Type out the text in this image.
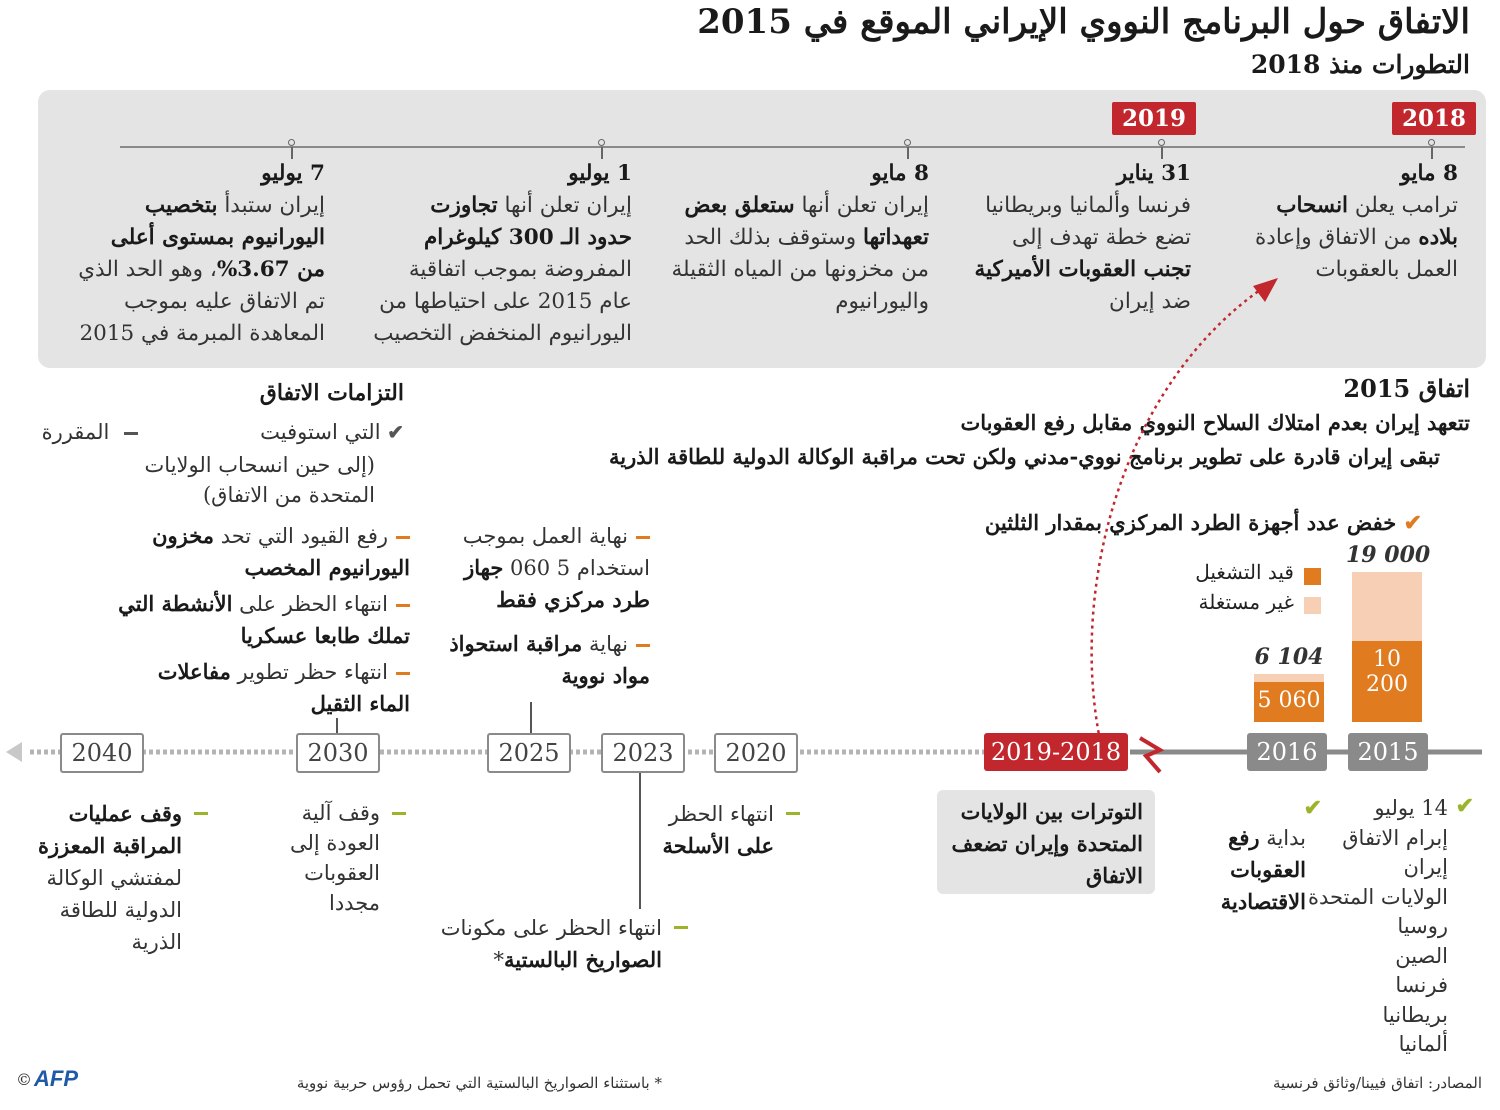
الاتفاق حول البرنامج النووي الإيراني الموقع في 2015
التطورات منذ 2018
2018
2019
8 مايو
ترامب يعلن انسحاب
بلاده من الاتفاق وإعادة
العمل بالعقوبات
31 يناير
فرنسا وألمانيا وبريطانيا
تضع خطة تهدف إلى
تجنب العقوبات الأميركية
ضد إيران
8 مايو
إيران تعلن أنها ستعلق بعض
تعهداتها وستوقف بذلك الحد
من مخزونها من المياه الثقيلة
واليورانيوم
1 يوليو
إيران تعلن أنها تجاوزت
حدود الـ 300 كيلوغرام
المفروضة بموجب اتفاقية
عام 2015 على احتياطها من
اليورانيوم المنخفض التخصيب
7 يوليو
إيران ستبدأ بتخصيب
اليورانيوم بمستوى أعلى
من 3.67%، وهو الحد الذي
تم الاتفاق عليه بموجب
المعاهدة المبرمة في 2015
اتفاق 2015
تتعهد إيران بعدم امتلاك السلاح النووي مقابل رفع العقوبات
تبقى إيران قادرة على تطوير برنامج نووي-مدني ولكن تحت مراقبة الوكالة الدولية للطاقة الذرية
✔ خفض عدد أجهزة الطرد المركزي بمقدار الثلثين
التزامات الاتفاق
✔ التي استوفيت
المقررة
(إلى حين انسحاب الولايات
المتحدة من الاتفاق)
رفع القيود التي تحد مخزون
اليورانيوم المخصب
انتهاء الحظر على الأنشطة التي
تملك طابعا عسكريا
انتهاء حظر تطوير مفاعلات
الماء الثقيل
نهاية العمل بموجب
استخدام 5 060 جهاز
طرد مركزي فقط
نهاية مراقبة استحواذ
مواد نووية
قيد التشغيل
غير مستغلة
10 200
19 000
5 060
6 104
2040	2030	2025	2023	2020	2019-2018	2016	2015
وقف عمليات
المراقبة المعززة
لمفتشي الوكالة
الدولية للطاقة
الذرية
وقف آلية
العودة إلى
العقوبات
مجددا
انتهاء الحظر على مكونات
الصواريخ البالستية*
انتهاء الحظر
على الأسلحة
التوترات بين الولايات
المتحدة وإيران تضعف
الاتفاق
✔
بداية رفع
العقوبات
الاقتصادية
✔
14 يوليو
إبرام الاتفاق
إيران
الولايات المتحدة
روسيا
الصين
فرنسا
بريطانيا
ألمانيا
المصادر: اتفاق فيينا/وثائق فرنسية
* باستثناء الصواريخ البالستية التي تحمل رؤوس حربية نووية
© AFP
